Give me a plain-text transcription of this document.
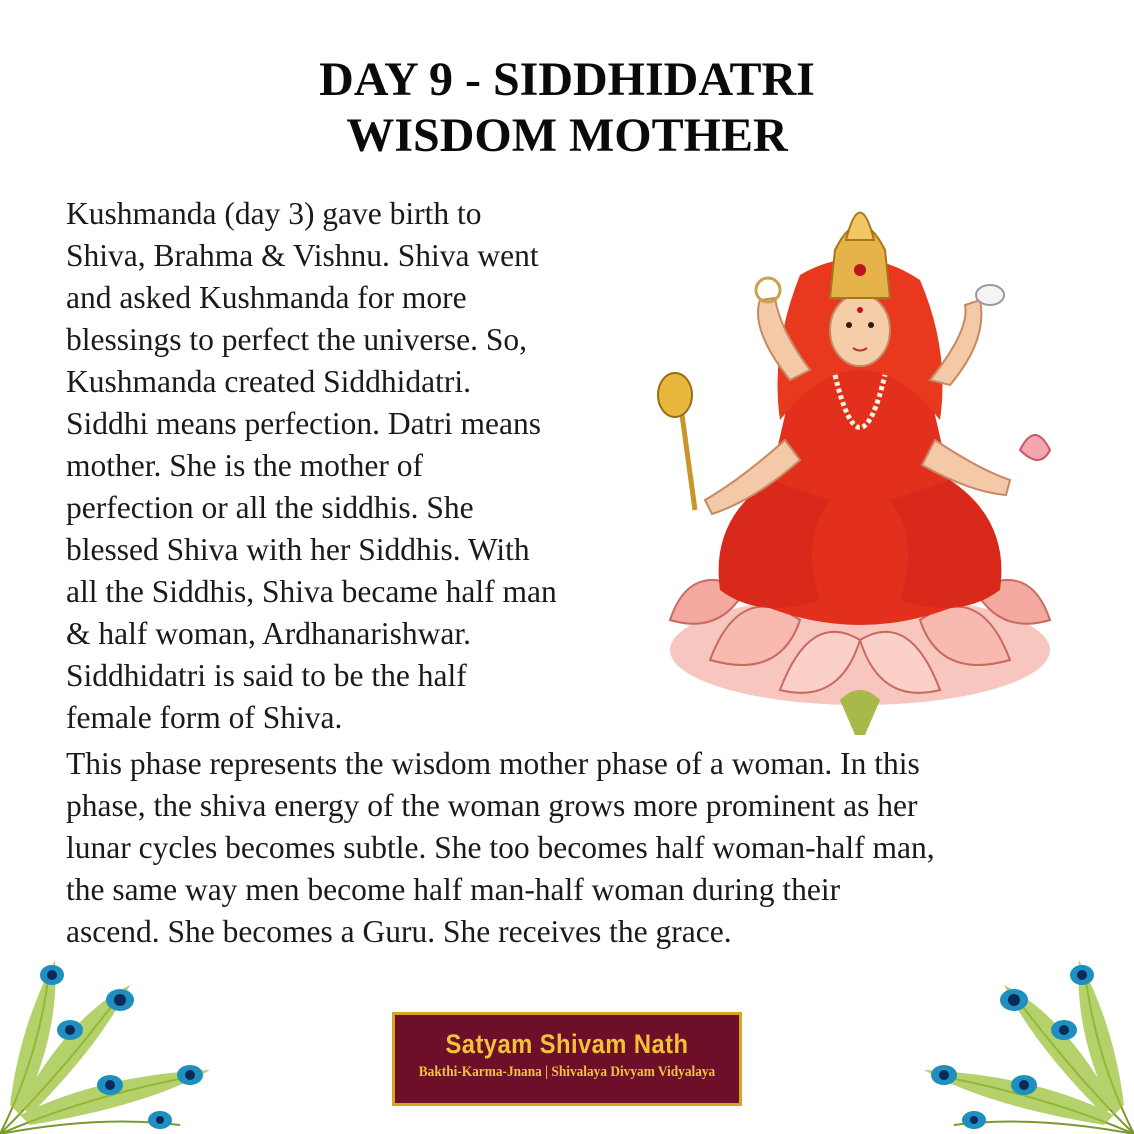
DAY 9 - SIDDHIDATRI
WISDOM MOTHER
Kushmanda (day 3) gave birth to
Shiva, Brahma & Vishnu. Shiva went
and asked Kushmanda for more
blessings to perfect the universe. So,
Kushmanda created Siddhidatri.
Siddhi means perfection. Datri means
mother. She is the mother of
perfection or all the siddhis. She
blessed Shiva with her Siddhis. With
all the Siddhis, Shiva became half man
& half woman, Ardhanarishwar.
Siddhidatri is said to be the half
female form of Shiva.
This phase represents the wisdom mother phase of a woman. In this
phase, the shiva energy of the woman grows more prominent as her
lunar cycles becomes subtle. She too becomes half woman-half man,
the same way men become half man-half woman during their
ascend. She becomes a Guru. She receives the grace.
Satyam Shivam Nath
Bakthi-Karma-Jnana | Shivalaya Divyam Vidyalaya
